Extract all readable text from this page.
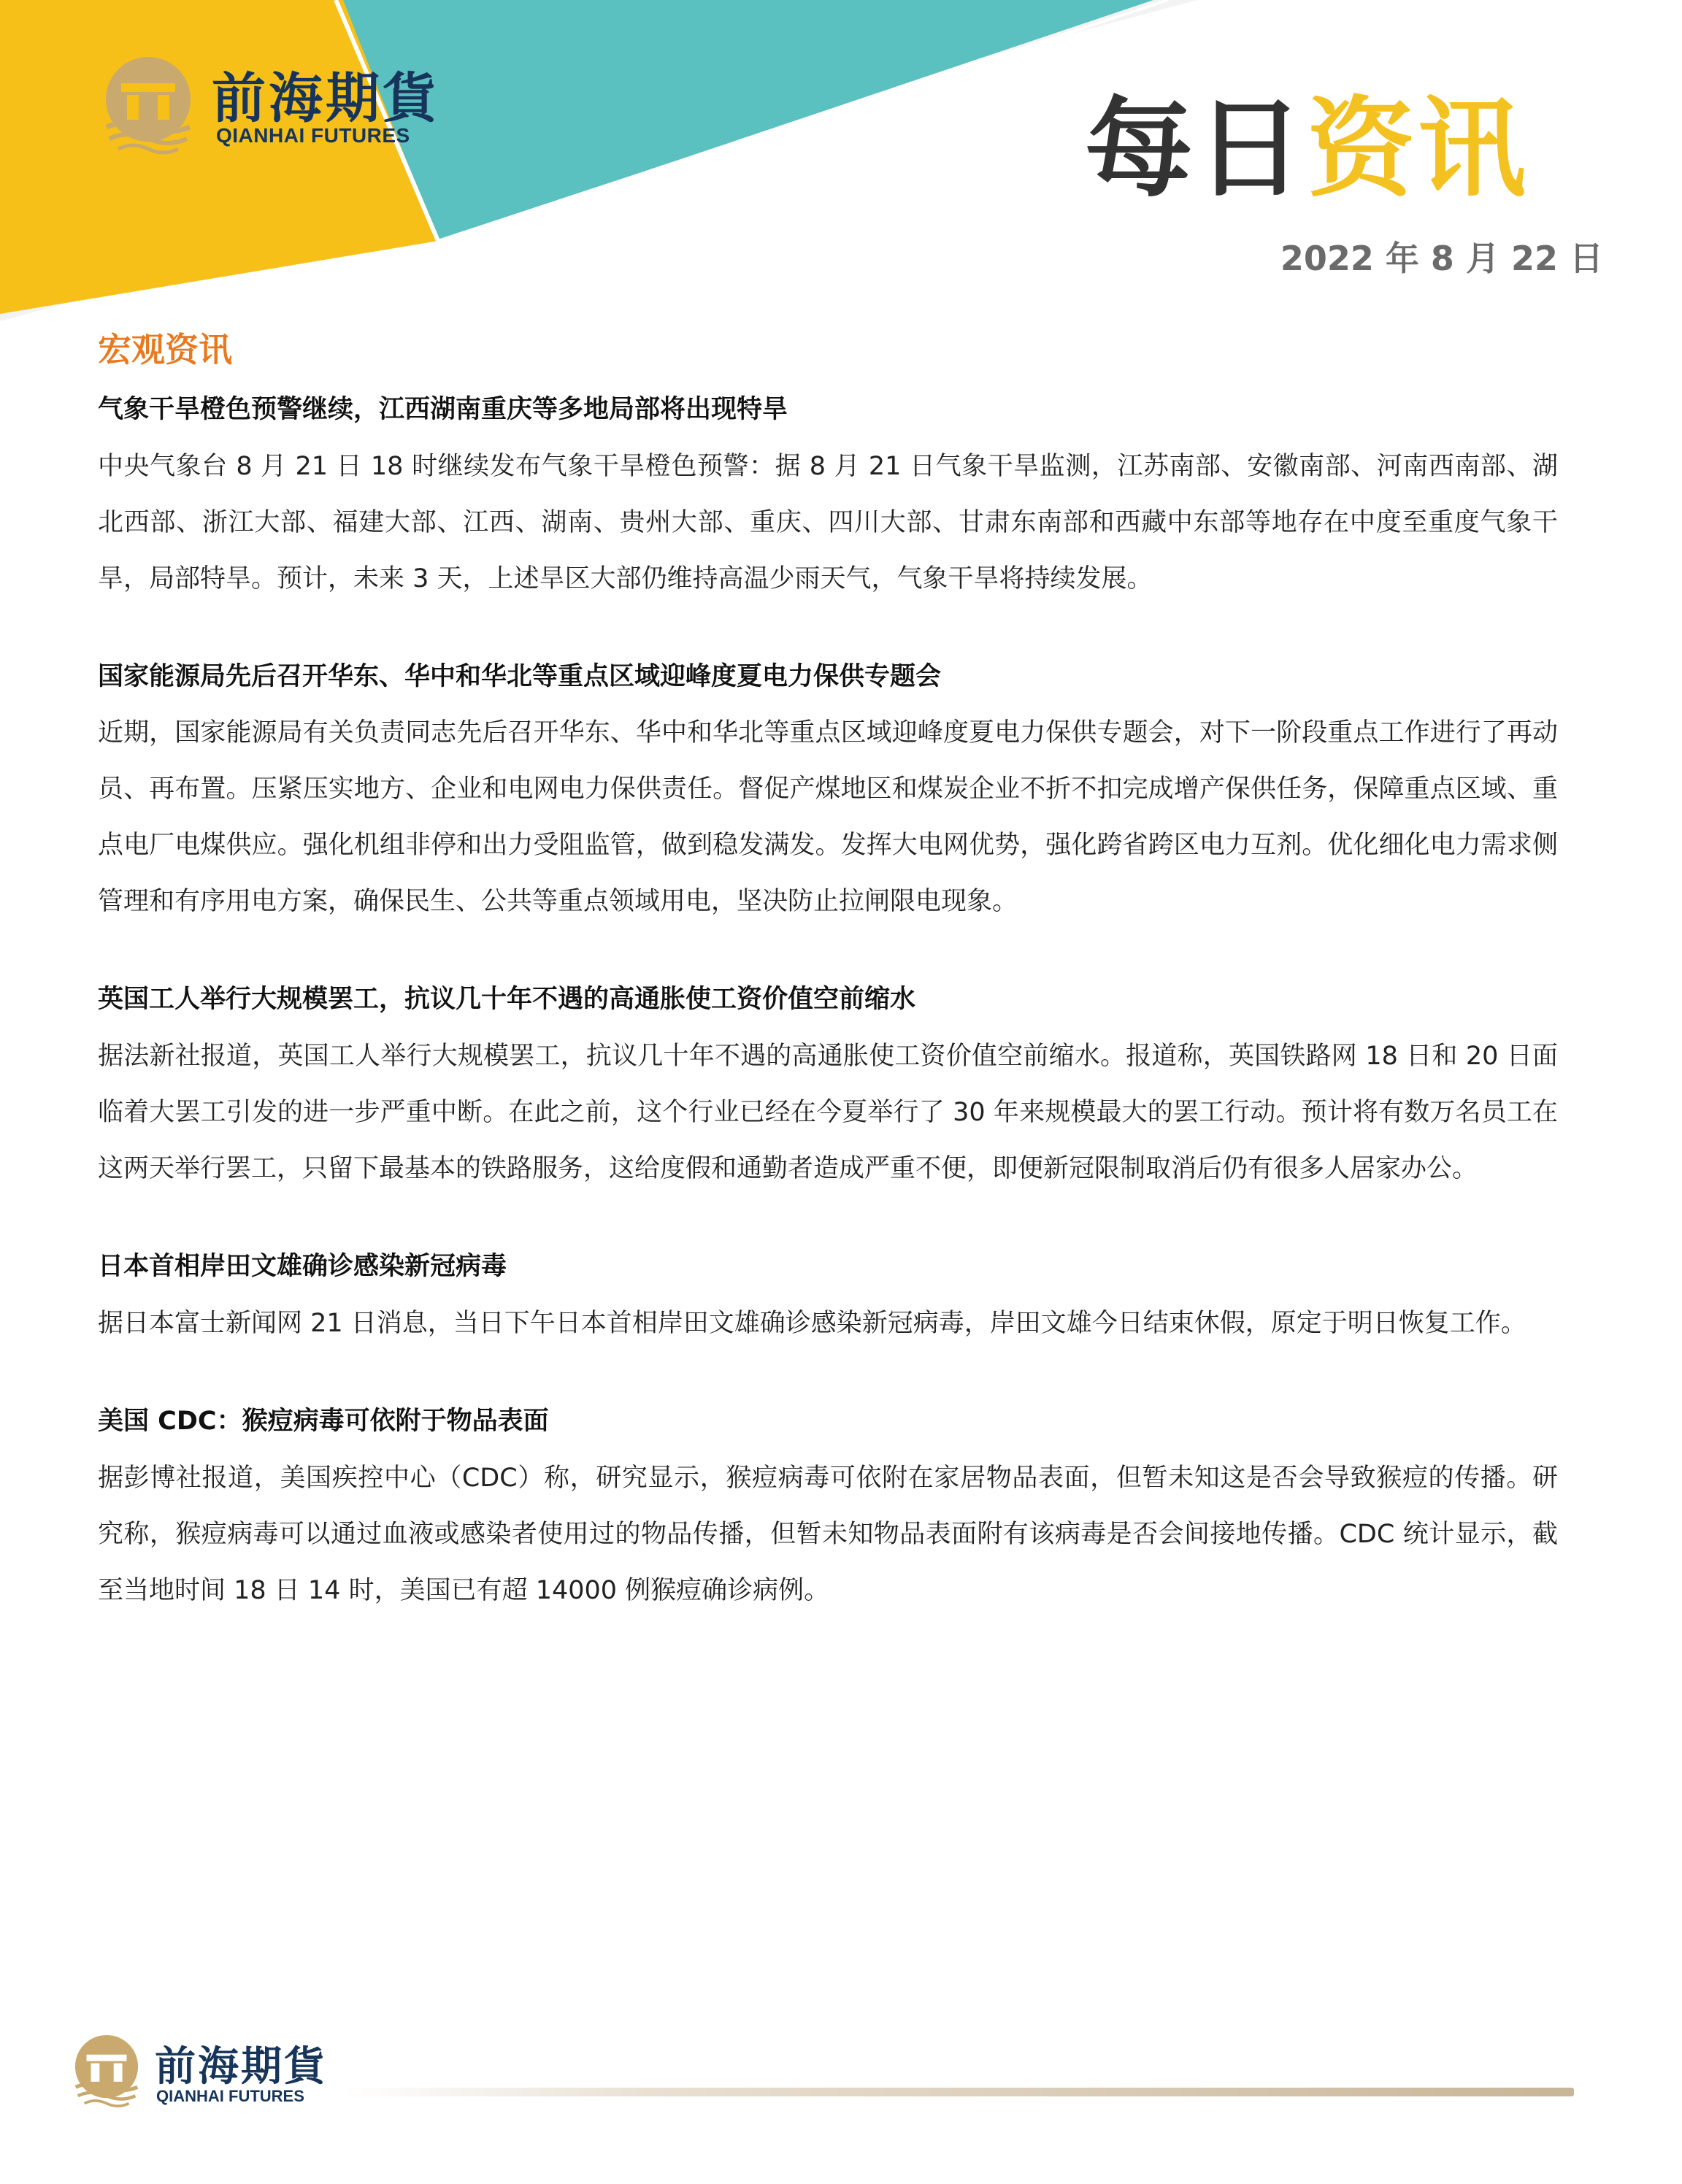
前海期貨
QIANHAI FUTURES	每日资讯
2022 年 8 月 22 日
宏观资讯
气象干旱橙色预警继续，江西湖南重庆等多地局部将出现特旱

中央气象台 8 月 21 日 18 时继续发布气象干旱橙色预警：据 8 月 21 日气象干旱监测，江苏南部、安徽南部、河南西南部、湖北西部、浙江大部、福建大部、江西、湖南、贵州大部、重庆、四川大部、甘肃东南部和西藏中东部等地存在中度至重度气象干旱，局部特旱。预计，未来 3 天，上述旱区大部仍维持高温少雨天气，气象干旱将持续发展。

国家能源局先后召开华东、华中和华北等重点区域迎峰度夏电力保供专题会

近期，国家能源局有关负责同志先后召开华东、华中和华北等重点区域迎峰度夏电力保供专题会，对下一阶段重点工作进行了再动员、再布置。压紧压实地方、企业和电网电力保供责任。督促产煤地区和煤炭企业不折不扣完成增产保供任务，保障重点区域、重点电厂电煤供应。强化机组非停和出力受阻监管，做到稳发满发。发挥大电网优势，强化跨省跨区电力互剂。优化细化电力需求侧管理和有序用电方案，确保民生、公共等重点领域用电，坚决防止拉闸限电现象。

英国工人举行大规模罢工，抗议几十年不遇的高通胀使工资价值空前缩水

据法新社报道，英国工人举行大规模罢工，抗议几十年不遇的高通胀使工资价值空前缩水。报道称，英国铁路网 18 日和 20 日面临着大罢工引发的进一步严重中断。在此之前，这个行业已经在今夏举行了 30 年来规模最大的罢工行动。预计将有数万名员工在这两天举行罢工，只留下最基本的铁路服务，这给度假和通勤者造成严重不便，即便新冠限制取消后仍有很多人居家办公。

日本首相岸田文雄确诊感染新冠病毒

据日本富士新闻网 21 日消息，当日下午日本首相岸田文雄确诊感染新冠病毒，岸田文雄今日结束休假，原定于明日恢复工作。

美国 CDC：猴痘病毒可依附于物品表面

据彭博社报道，美国疾控中心（CDC）称，研究显示，猴痘病毒可依附在家居物品表面，但暂未知这是否会导致猴痘的传播。研究称，猴痘病毒可以通过血液或感染者使用过的物品传播，但暂未知物品表面附有该病毒是否会间接地传播。CDC 统计显示，截至当地时间 18 日 14 时，美国已有超 14000 例猴痘确诊病例。

前海期貨
QIANHAI FUTURES
